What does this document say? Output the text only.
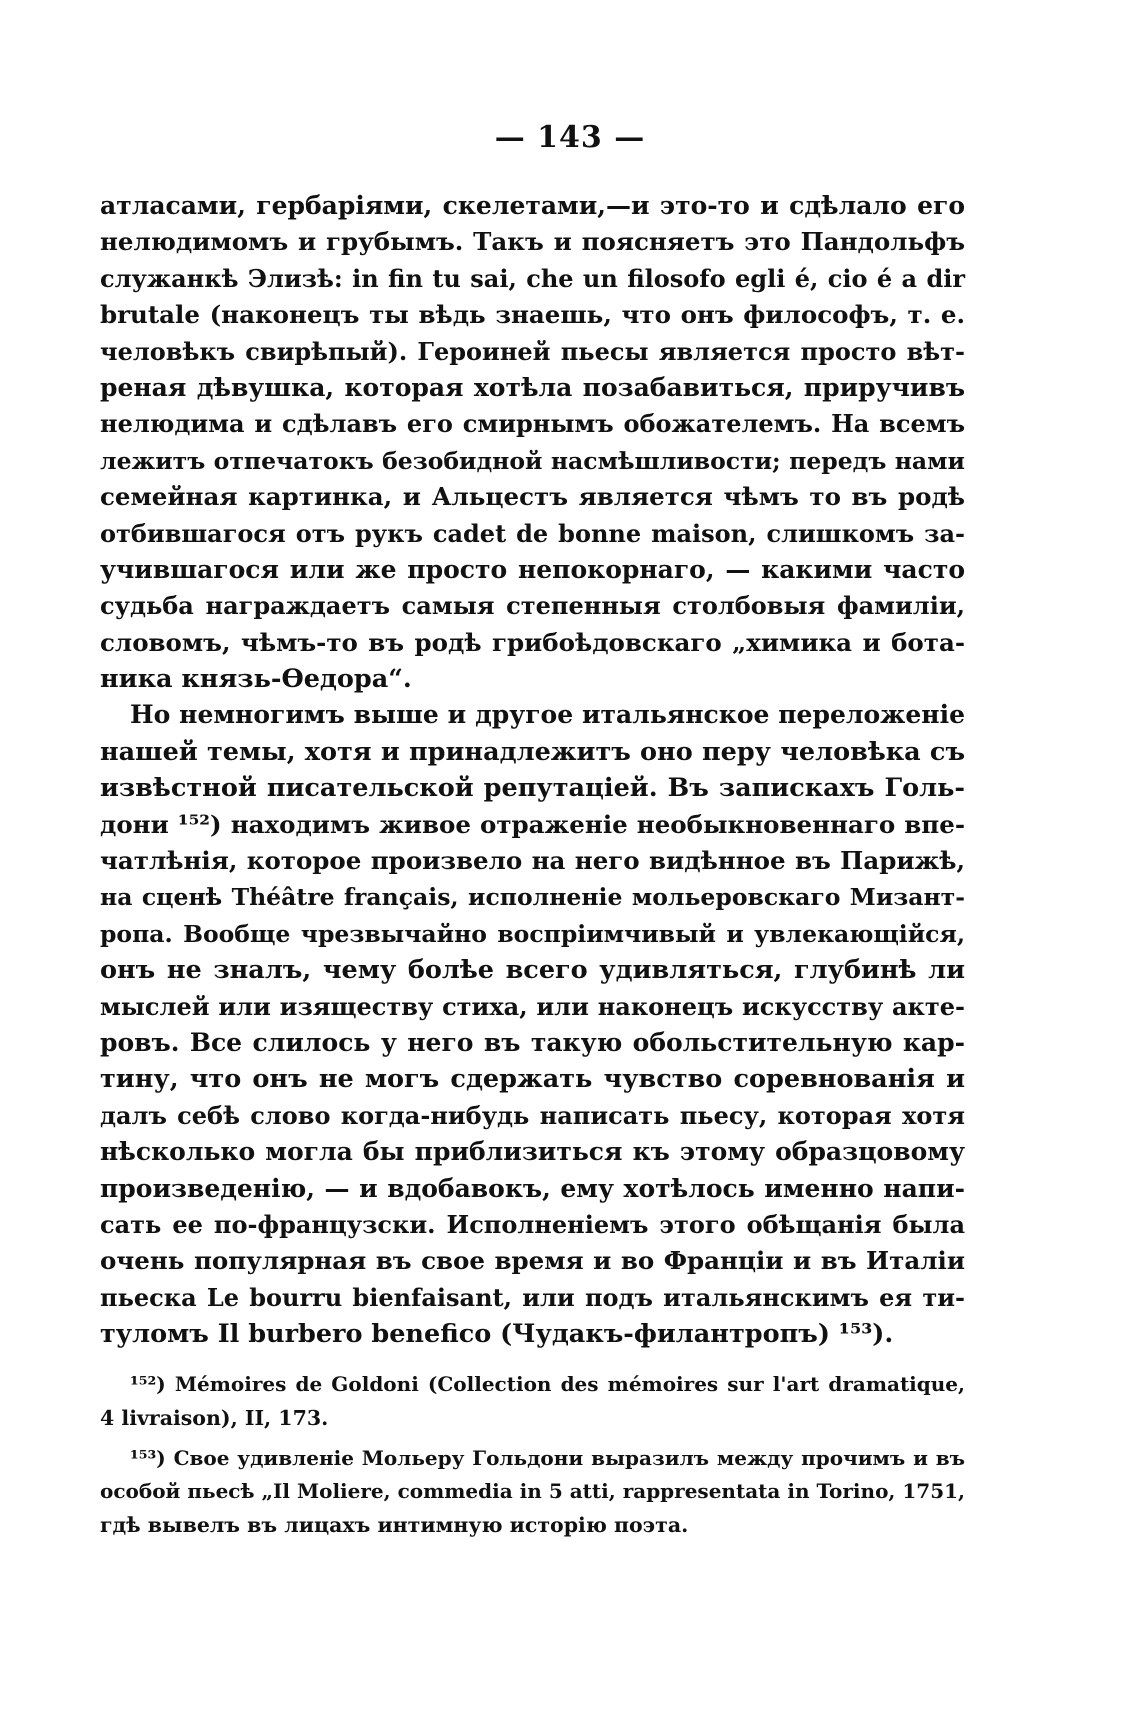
— 143 —
атласами, гербаріями, скелетами,—и это-то и сдѣлало его
нелюдимомъ и грубымъ. Такъ и поясняетъ это Пандольфъ
служанкѣ Элизѣ: in fin tu sai, che un filosofo egli é, cio é a dir
brutale (наконецъ ты вѣдь знаешь, что онъ философъ, т. е.
человѣкъ свирѣпый). Героиней пьесы является просто вѣт-
реная дѣвушка, которая хотѣла позабавиться, приручивъ
нелюдима и сдѣлавъ его смирнымъ обожателемъ. На всемъ
лежитъ отпечатокъ безобидной насмѣшливости; передъ нами
семейная картинка, и Альцестъ является чѣмъ то въ родѣ
отбившагося отъ рукъ cadet de bonne maison, слишкомъ за-
учившагося или же просто непокорнаго, — какими часто
судьба награждаетъ самыя степенныя столбовыя фамиліи,
словомъ, чѣмъ-то въ родѣ грибоѣдовскаго „химика и бота-
ника князь-Ѳедора“.
Но немногимъ выше и другое итальянское переложеніе
нашей темы, хотя и принадлежитъ оно перу человѣка съ
извѣстной писательской репутаціей. Въ запискахъ Голь-
дони ¹⁵²) находимъ живое отраженіе необыкновеннаго впе-
чатлѣнія, которое произвело на него видѣнное въ Парижѣ,
на сценѣ Théâtre français, исполненіе мольеровскаго Мизант-
ропа. Вообще чрезвычайно воспріимчивый и увлекающійся,
онъ не зналъ, чему болѣе всего удивляться, глубинѣ ли
мыслей или изяществу стиха, или наконецъ искусству акте-
ровъ. Все слилось у него въ такую обольстительную кар-
тину, что онъ не могъ сдержать чувство соревнованія и
далъ себѣ слово когда-нибудь написать пьесу, которая хотя
нѣсколько могла бы приблизиться къ этому образцовому
произведенію, — и вдобавокъ, ему хотѣлось именно напи-
сать ее по-французски. Исполненіемъ этого обѣщанія была
очень популярная въ свое время и во Франціи и въ Италіи
пьеска Le bourru bienfaisant, или подъ итальянскимъ ея ти-
туломъ Il burbero benefico (Чудакъ-филантропъ) ¹⁵³).
¹⁵²) Mémoires de Goldoni (Collection des mémoires sur l'art dramatique,
4 livraison), II, 173.
¹⁵³) Свое удивленіе Мольеру Гольдони выразилъ между прочимъ и въ
особой пьесѣ „Il Moliere, commedia in 5 atti, rappresentata in Torino, 1751,
гдѣ вывелъ въ лицахъ интимную исторію поэта.
